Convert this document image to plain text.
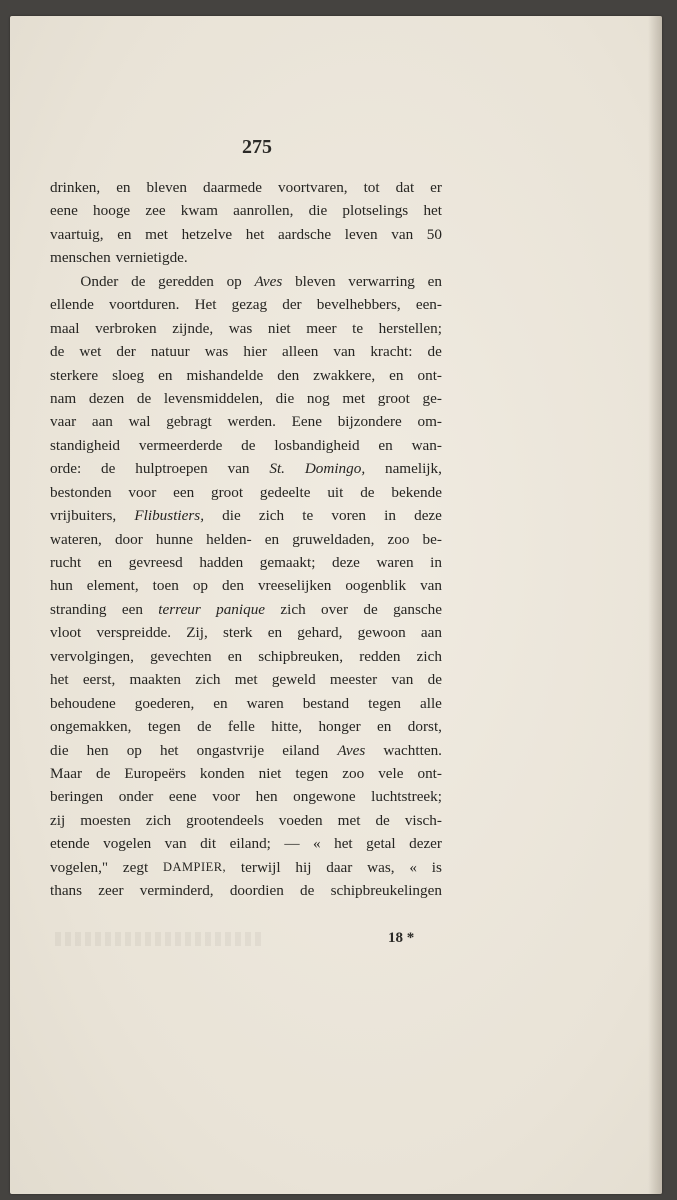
275
drinken, en bleven daarmede voortvaren, tot dat er
eene hooge zee kwam aanrollen, die plotselings het
vaartuig, en met hetzelve het aardsche leven van 50
menschen vernietigde.
Onder de geredden op Aves bleven verwarring en
ellende voortduren. Het gezag der bevelhebbers, een-
maal verbroken zijnde, was niet meer te herstellen;
de wet der natuur was hier alleen van kracht: de
sterkere sloeg en mishandelde den zwakkere, en ont-
nam dezen de levensmiddelen, die nog met groot ge-
vaar aan wal gebragt werden. Eene bijzondere om-
standigheid vermeerderde de losbandigheid en wan-
orde: de hulptroepen van St. Domingo, namelijk,
bestonden voor een groot gedeelte uit de bekende
vrijbuiters, Flibustiers, die zich te voren in deze
wateren, door hunne helden- en gruweldaden, zoo be-
rucht en gevreesd hadden gemaakt; deze waren in
hun element, toen op den vreeselijken oogenblik van
stranding een terreur panique zich over de gansche
vloot verspreidde. Zij, sterk en gehard, gewoon aan
vervolgingen, gevechten en schipbreuken, redden zich
het eerst, maakten zich met geweld meester van de
behoudene goederen, en waren bestand tegen alle
ongemakken, tegen de felle hitte, honger en dorst,
die hen op het ongastvrije eiland Aves wachtten.
Maar de Europeërs konden niet tegen zoo vele ont-
beringen onder eene voor hen ongewone luchtstreek;
zij moesten zich grootendeels voeden met de visch-
etende vogelen van dit eiland; — « het getal dezer
vogelen," zegt DAMPIER, terwijl hij daar was, « is
thans zeer verminderd, doordien de schipbreukelingen
18 *
